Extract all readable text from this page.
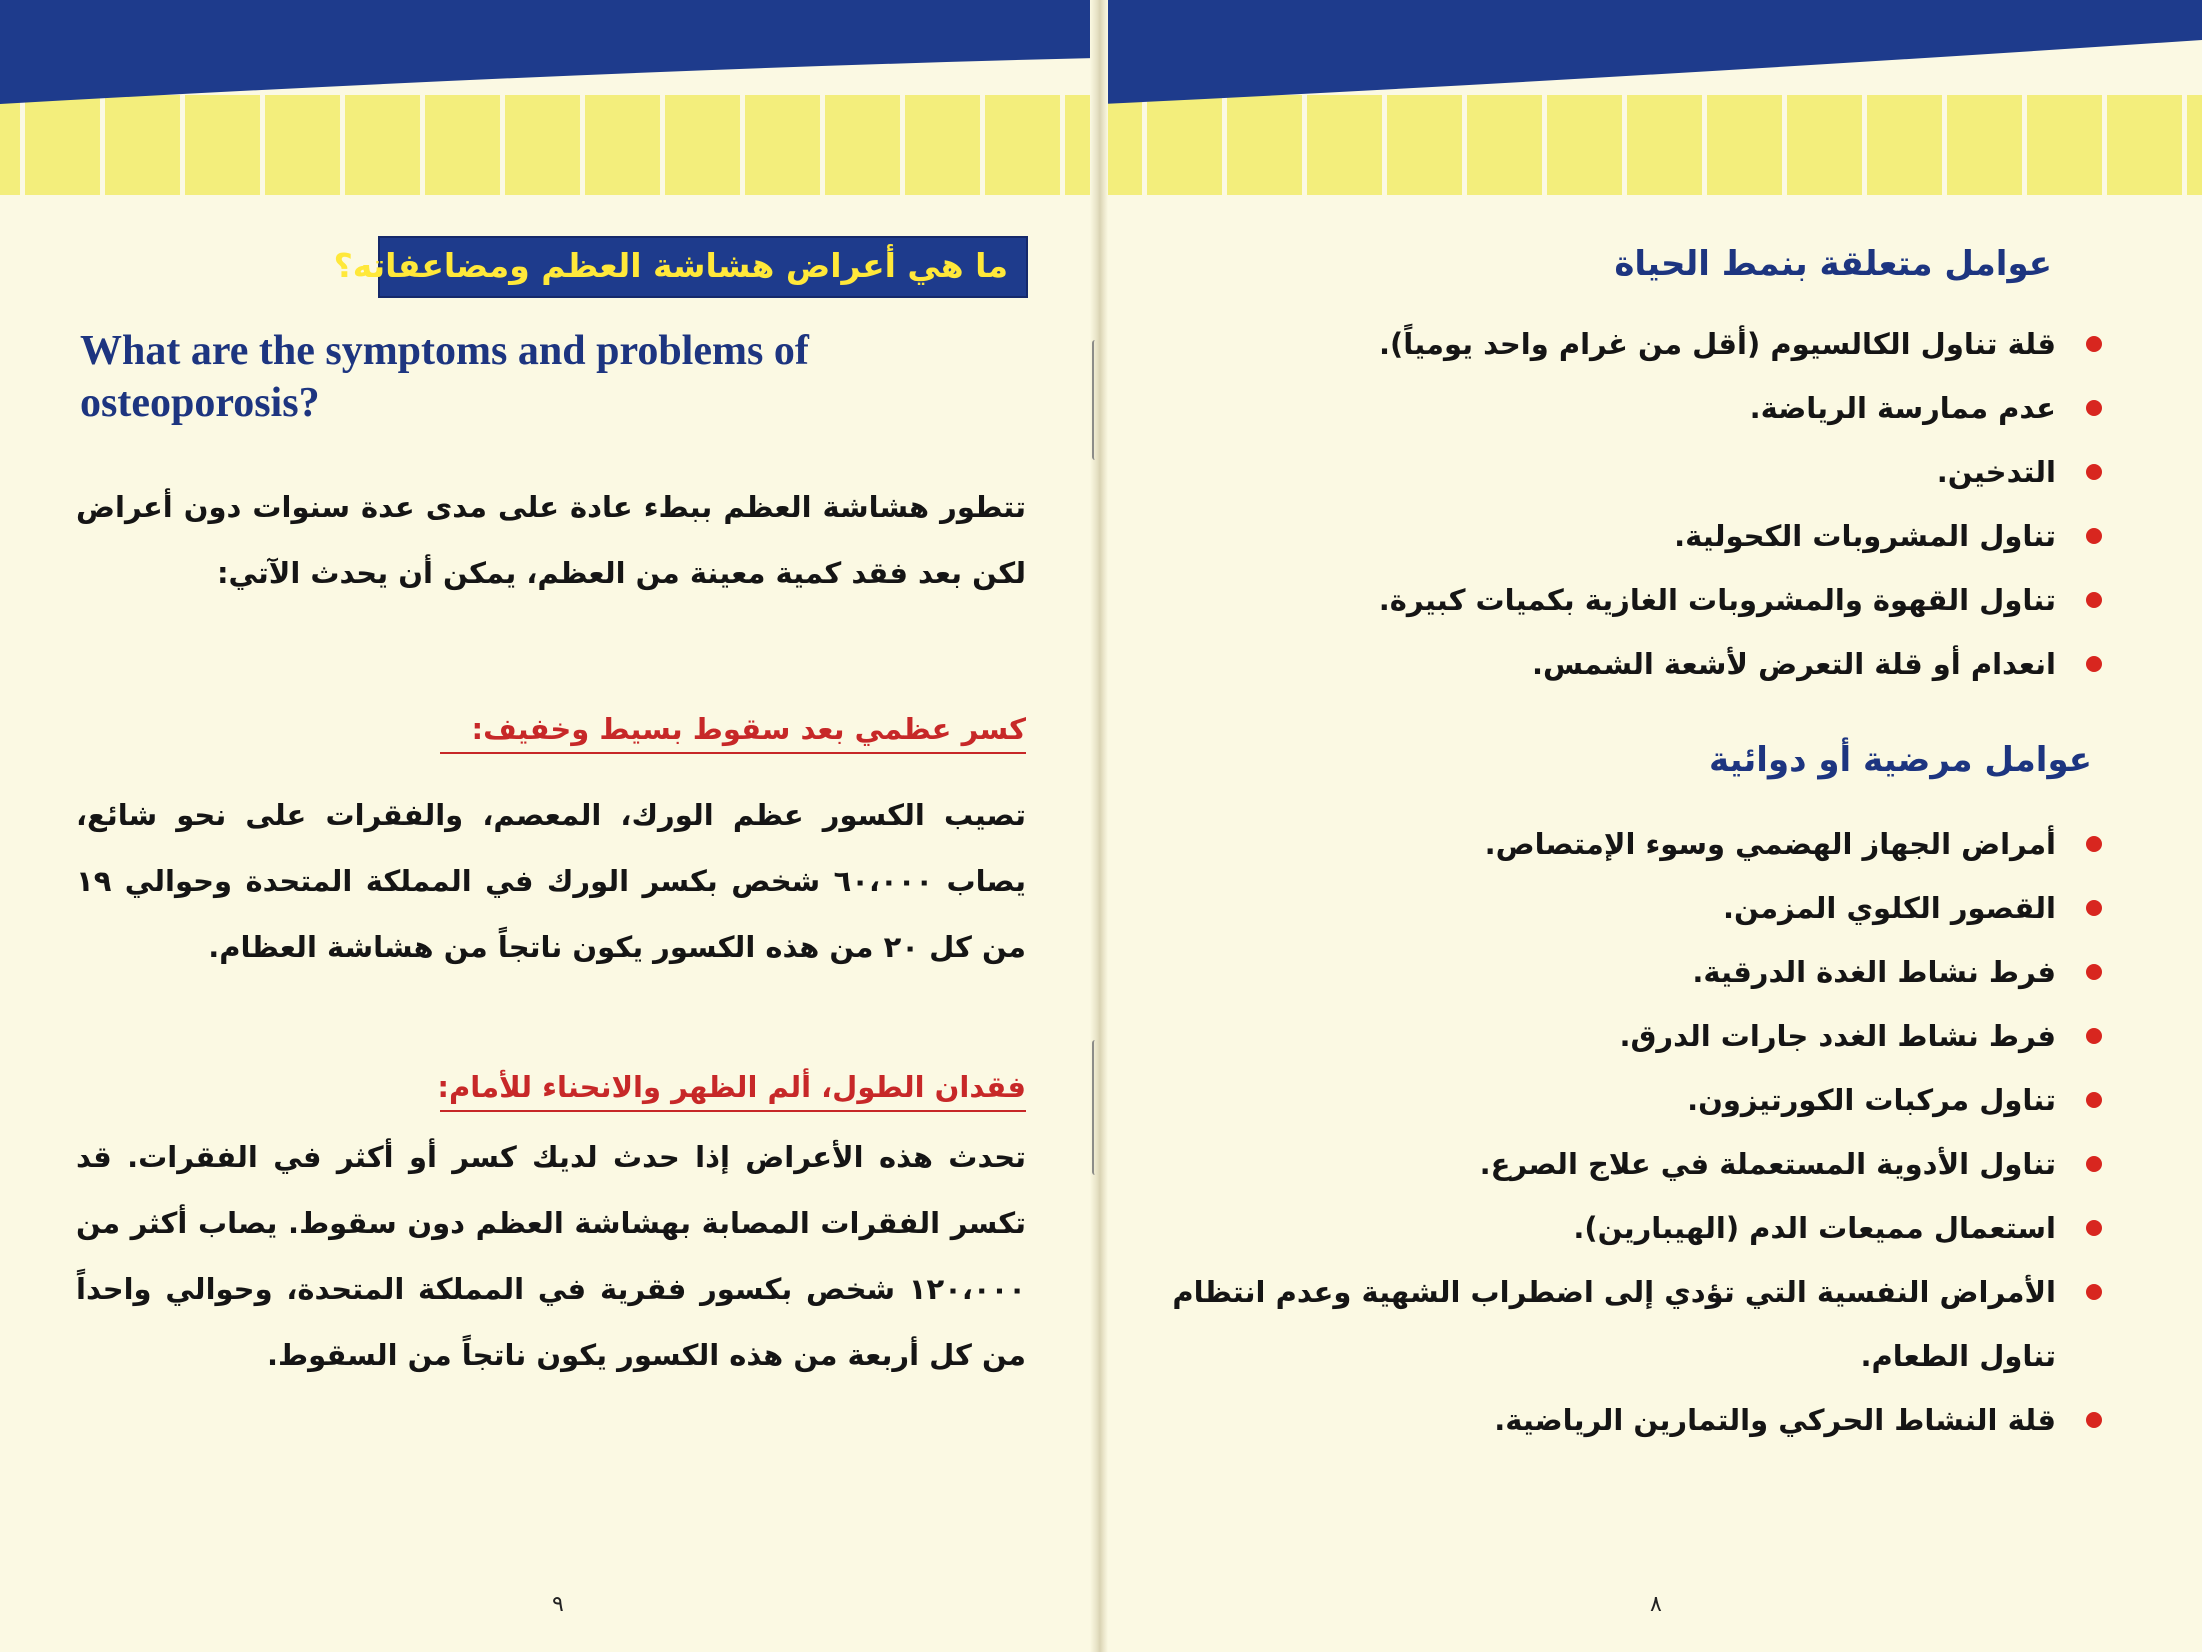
ما هي أعراض هشاشة العظم ومضاعفاته؟
What are the symptoms and problems of osteoporosis?
تتطور هشاشة العظم ببطء عادة على مدى عدة سنوات دون أعراض لكن بعد فقد كمية معينة من العظم، يمكن أن يحدث الآتي:
كسر عظمي بعد سقوط بسيط وخفيف:
تصيب الكسور عظم الورك، المعصم، والفقرات على نحو شائع، يصاب ٦٠،٠٠٠ شخص بكسر الورك في المملكة المتحدة وحوالي ١٩ من كل ٢٠ من هذه الكسور يكون ناتجاً من هشاشة العظام.
فقدان الطول، ألم الظهر والانحناء للأمام:
تحدث هذه الأعراض إذا حدث لديك كسر أو أكثر في الفقرات. قد تكسر الفقرات المصابة بهشاشة العظم دون سقوط. يصاب أكثر من ١٢٠،٠٠٠ شخص بكسور فقرية في المملكة المتحدة، وحوالي واحداً من كل أربعة من هذه الكسور يكون ناتجاً من السقوط.
٩
عوامل متعلقة بنمط الحياة
قلة تناول الكالسيوم (أقل من غرام واحد يومياً).
عدم ممارسة الرياضة.
التدخين.
تناول المشروبات الكحولية.
تناول القهوة والمشروبات الغازية بكميات كبيرة.
انعدام أو قلة التعرض لأشعة الشمس.
عوامل مرضية أو دوائية
أمراض الجهاز الهضمي وسوء الإمتصاص.
القصور الكلوي المزمن.
فرط نشاط الغدة الدرقية.
فرط نشاط الغدد جارات الدرق.
تناول مركبات الكورتيزون.
تناول الأدوية المستعملة في علاج الصرع.
استعمال مميعات الدم (الهيبارين).
الأمراض النفسية التي تؤدي إلى اضطراب الشهية وعدم انتظام تناول الطعام.
قلة النشاط الحركي والتمارين الرياضية.
٨
